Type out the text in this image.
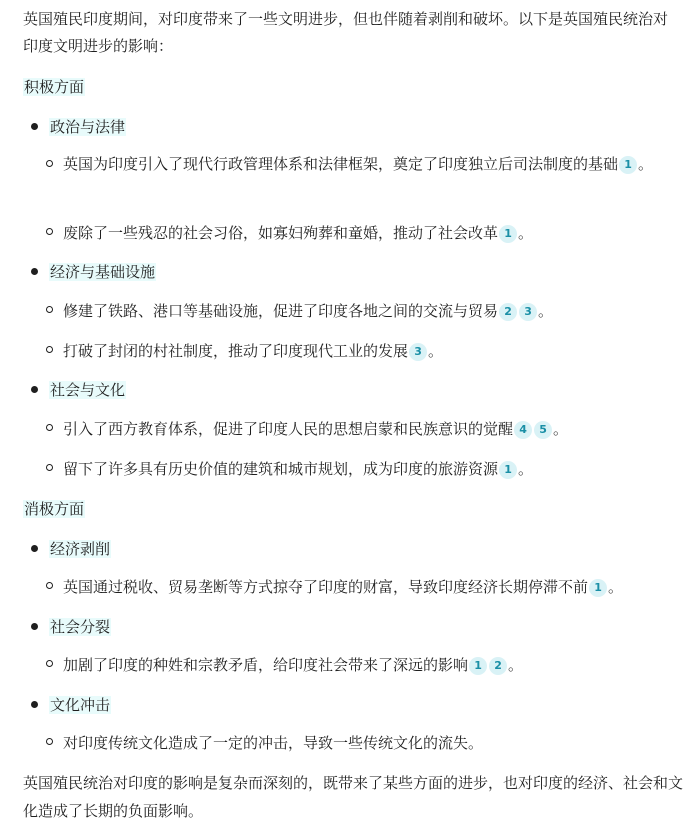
英国殖民印度期间，对印度带来了一些文明进步，但也伴随着剥削和破坏。以下是英国殖民统治对印度文明进步的影响：
积极方面
政治与法律
英国为印度引入了现代行政管理体系和法律框架，奠定了印度独立后司法制度的基础 1 。
废除了一些残忍的社会习俗，如寡妇殉葬和童婚，推动了社会改革 1 。
经济与基础设施
修建了铁路、港口等基础设施，促进了印度各地之间的交流与贸易 2 3 。
打破了封闭的村社制度，推动了印度现代工业的发展 3 。
社会与文化
引入了西方教育体系，促进了印度人民的思想启蒙和民族意识的觉醒 4 5 。
留下了许多具有历史价值的建筑和城市规划，成为印度的旅游资源 1 。
消极方面
经济剥削
英国通过税收、贸易垄断等方式掠夺了印度的财富，导致印度经济长期停滞不前 1 。
社会分裂
加剧了印度的种姓和宗教矛盾，给印度社会带来了深远的影响 1 2 。
文化冲击
对印度传统文化造成了一定的冲击，导致一些传统文化的流失。
英国殖民统治对印度的影响是复杂而深刻的，既带来了某些方面的进步，也对印度的经济、社会和文化造成了长期的负面影响。
